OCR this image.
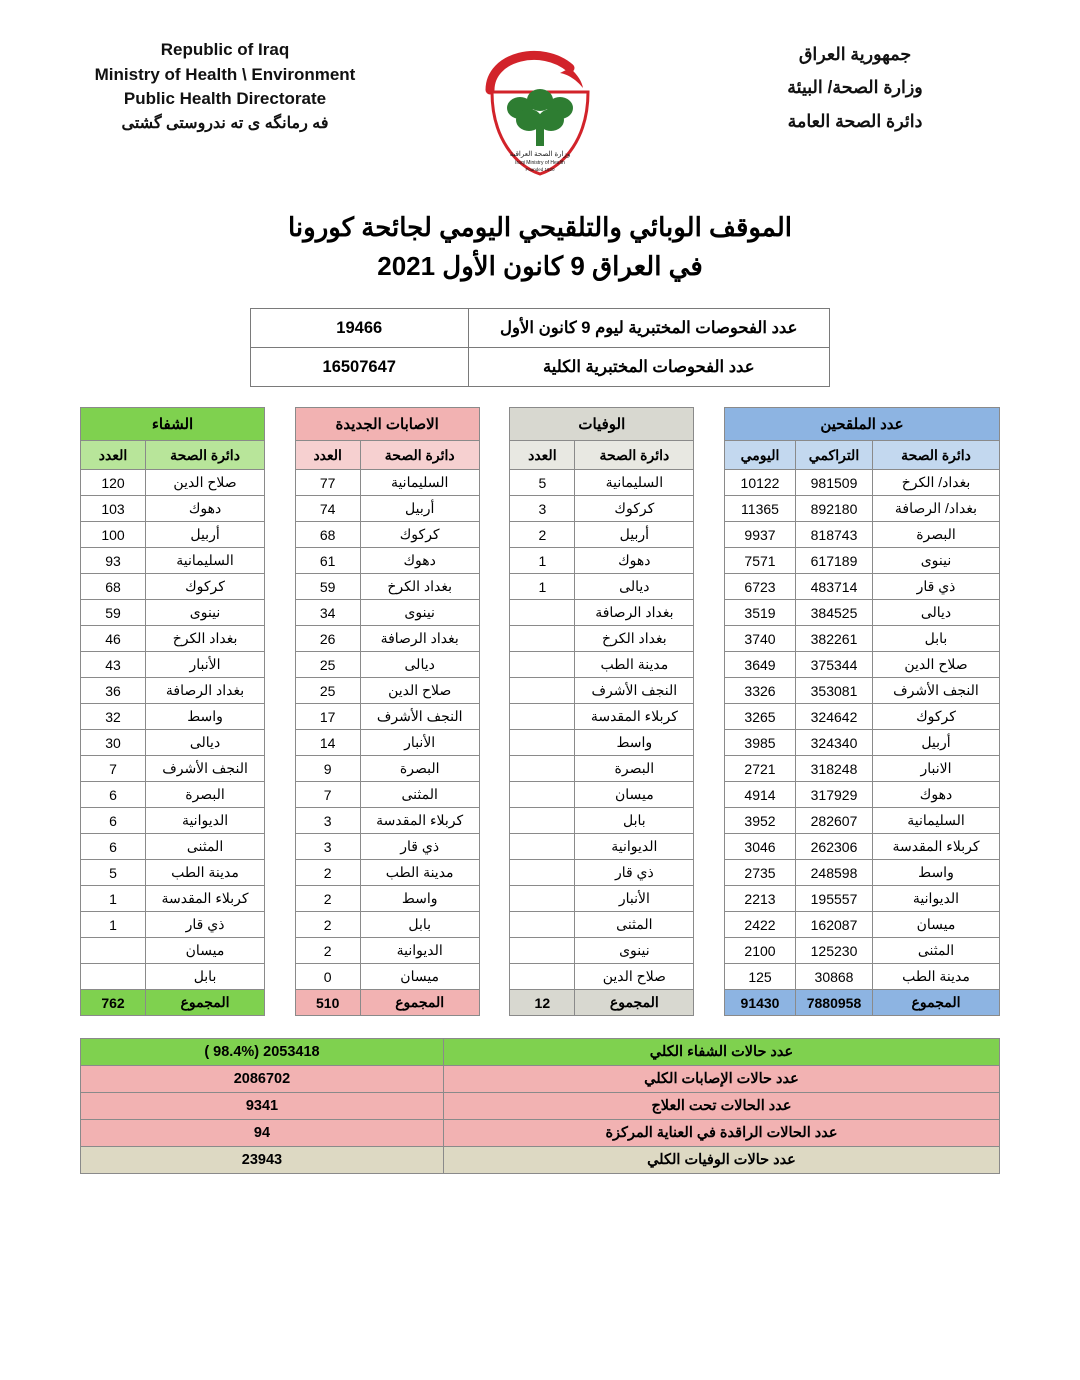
Republic of Iraq
Ministry of Health \ Environment
Public Health Directorate
فه‌ رمانگه‌ ى ته‌ ندروستى گشتى
وزارة الصحة العراقية
Iraqi Ministry of Health
Founded 1920
جمهورية العراق
وزارة الصحة/ البيئة
دائرة الصحة العامة
الموقف الوبائي والتلقيحي اليومي لجائحة كورونا
في العراق 9 كانون الأول 2021
عدد الفحوصات المختبرية ليوم 9 كانون الأول	19466
عدد الفحوصات المختبرية الكلية	16507647
الشفاء	
دائرة الصحة	العدد
صلاح الدين	120
دهوك	103
أربيل	100
السليمانية	93
كركوك	68
نينوى	59
بغداد الكرخ	46
الأنبار	43
بغداد الرصافة	36
واسط	32
ديالى	30
النجف الأشرف	7
البصرة	6
الديوانية	6
المثنى	6
مدينة الطب	5
كربلاء المقدسة	1
ذي قار	1
ميسان	
بابل	
المجموع	762
الاصابات الجديدة	
دائرة الصحة	العدد
السليمانية	77
أربيل	74
كركوك	68
دهوك	61
بغداد الكرخ	59
نينوى	34
بغداد الرصافة	26
ديالى	25
صلاح الدين	25
النجف الأشرف	17
الأنبار	14
البصرة	9
المثنى	7
كربلاء المقدسة	3
ذي قار	3
مدينة الطب	2
واسط	2
بابل	2
الديوانية	2
ميسان	0
المجموع	510
الوفيات	
دائرة الصحة	العدد
السليمانية	5
كركوك	3
أربيل	2
دهوك	1
ديالى	1
بغداد الرصافة	
بغداد الكرخ	
مدينة الطب	
النجف الأشرف	
كربلاء المقدسة	
واسط	
البصرة	
ميسان	
بابل	
الديوانية	
ذي قار	
الأنبار	
المثنى	
نينوى	
صلاح الدين	
المجموع	12
عدد الملقحين		
دائرة الصحة	التراكمي	اليومي
بغداد/ الكرخ	981509	10122
بغداد/ الرصافة	892180	11365
البصرة	818743	9937
نينوى	617189	7571
ذي قار	483714	6723
ديالى	384525	3519
بابل	382261	3740
صلاح الدين	375344	3649
النجف الأشرف	353081	3326
كركوك	324642	3265
أربيل	324340	3985
الانبار	318248	2721
دهوك	317929	4914
السليمانية	282607	3952
كربلاء المقدسة	262306	3046
واسط	248598	2735
الديوانية	195557	2213
ميسان	162087	2422
المثنى	125230	2100
مدينة الطب	30868	125
المجموع	7880958	91430
عدد حالات الشفاء الكلي	2053418 (98.4% )
عدد حالات الإصابات الكلي	2086702
عدد الحالات تحت العلاج	9341
عدد الحالات الراقدة في العناية المركزة	94
عدد حالات الوفيات الكلي	23943
